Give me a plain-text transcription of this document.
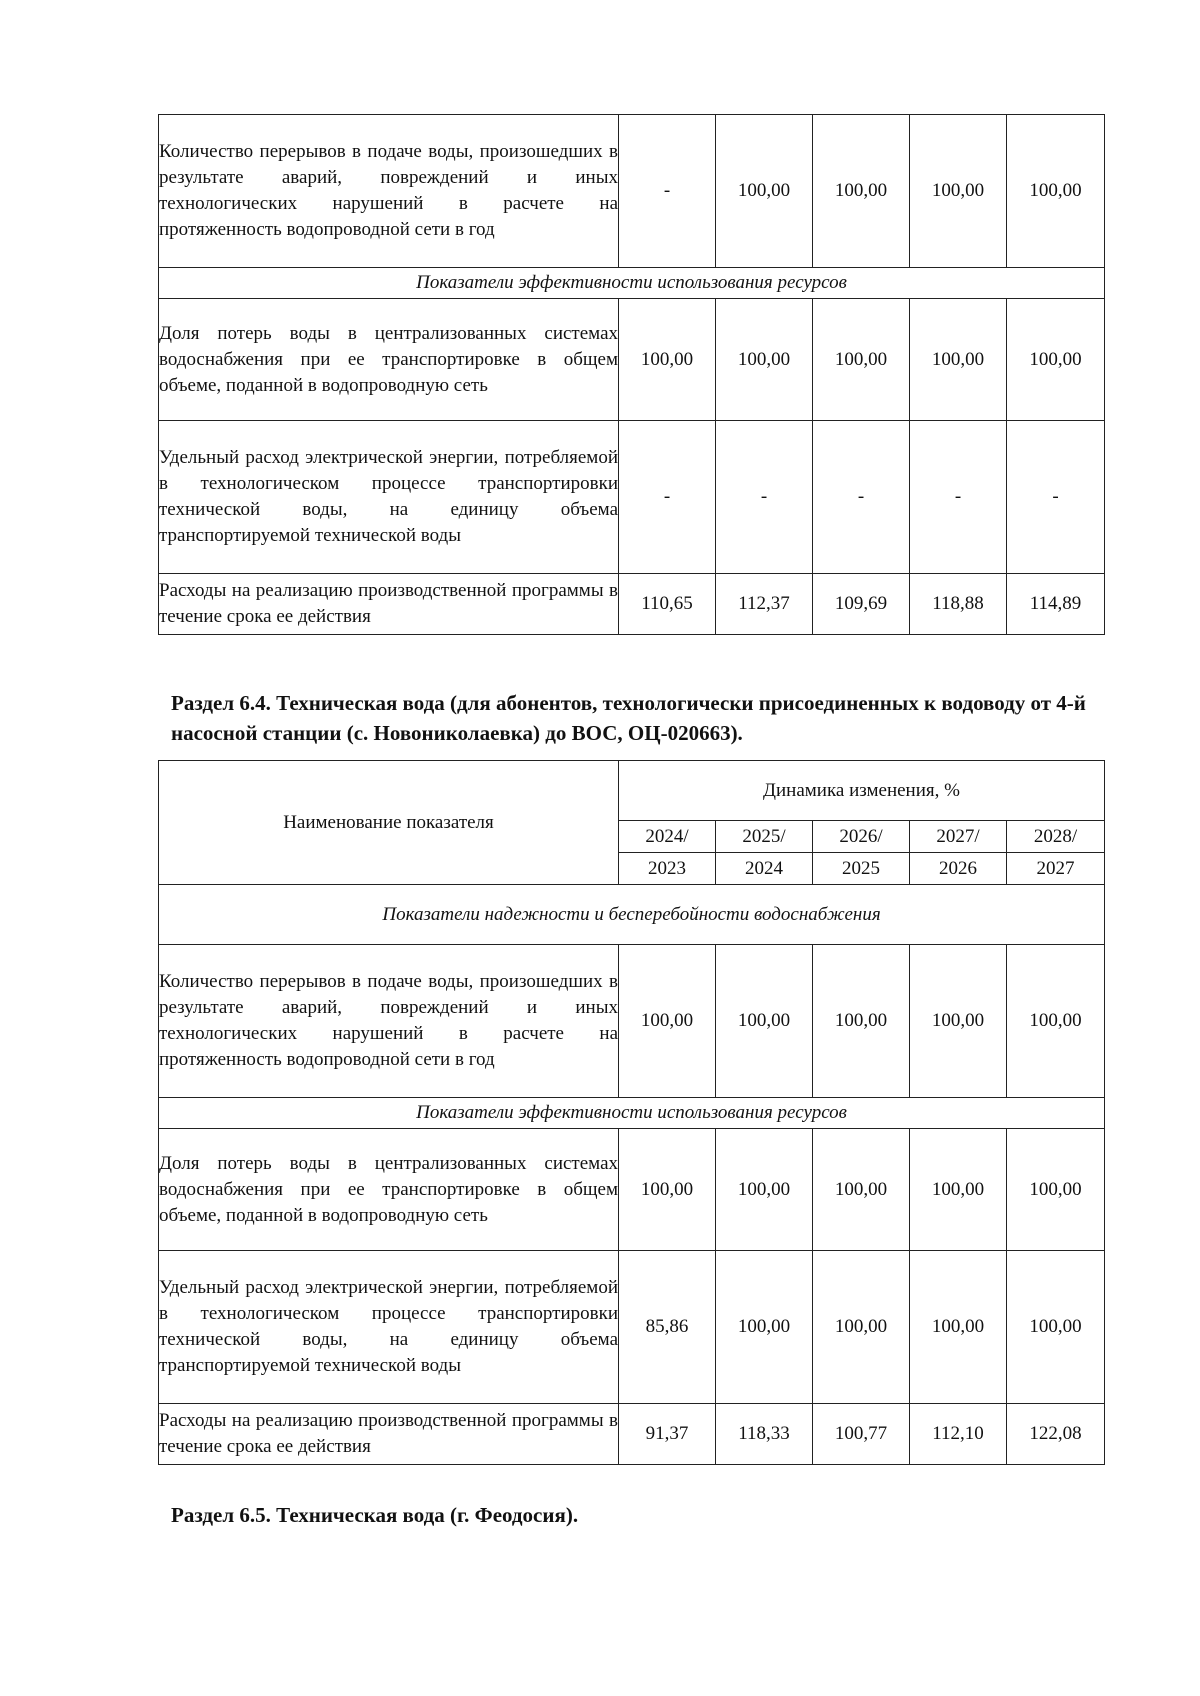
Количество перерывов в подаче воды, произошедших в результате аварий, повреждений и иных технологических нарушений в расчете на протяженность водопроводной сети в год	-	100,00	100,00	100,00	100,00
Показатели эффективности использования ресурсов					

Доля потерь воды в централизованных системах водоснабжения при ее транспортировке в общем объеме, поданной в водопроводную сеть	100,00	100,00	100,00	100,00	100,00

Удельный расход электрической энергии, потребляемой в технологическом процессе транспортировки технической воды, на единицу объема транспортируемой технической воды	-	-	-	-	-

Расходы на реализацию производственной программы в течение срока ее действия	110,65	112,37	109,69	118,88	114,89
Раздел 6.4. Техническая вода (для абонентов, технологически присоединенных к водоводу от 4-й насосной станции (с. Новониколаевка) до ВОС, ОЦ-020663).
Наименование показателя	Динамика изменения, %				
	2024/	2025/	2026/	2027/	2028/
	2023	2024	2025	2026	2027
Показатели надежности и бесперебойности водоснабжения					

Количество перерывов в подаче воды, произошедших в результате аварий, повреждений и иных технологических нарушений в расчете на протяженность водопроводной сети в год	100,00	100,00	100,00	100,00	100,00
Показатели эффективности использования ресурсов					

Доля потерь воды в централизованных системах водоснабжения при ее транспортировке в общем объеме, поданной в водопроводную сеть	100,00	100,00	100,00	100,00	100,00

Удельный расход электрической энергии, потребляемой в технологическом процессе транспортировки технической воды, на единицу объема транспортируемой технической воды	85,86	100,00	100,00	100,00	100,00

Расходы на реализацию производственной программы в течение срока ее действия	91,37	118,33	100,77	112,10	122,08
Раздел 6.5. Техническая вода (г. Феодосия).
